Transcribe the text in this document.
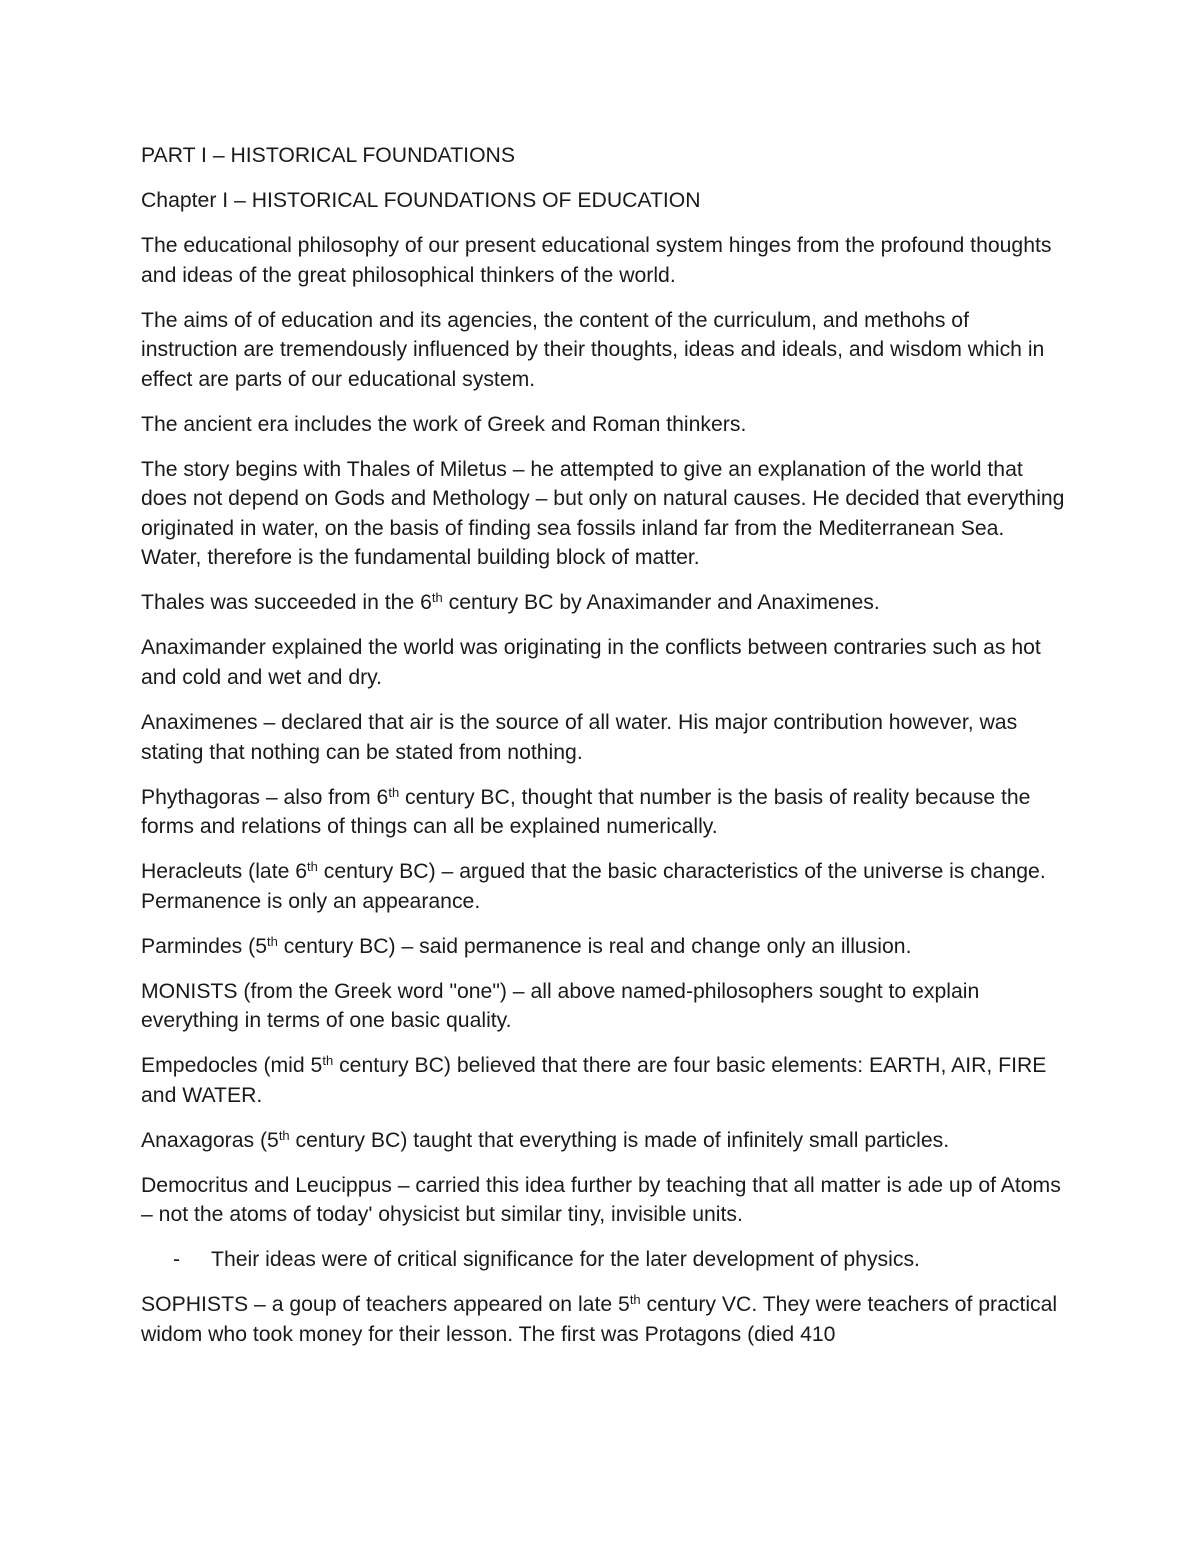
PART I – HISTORICAL FOUNDATIONS

Chapter I – HISTORICAL FOUNDATIONS OF EDUCATION

The educational philosophy of our present educational system hinges from the profound thoughts and ideas of the great philosophical thinkers of the world.

The aims of of education and its agencies, the content of the curriculum, and methohs of instruction are tremendously influenced by their thoughts, ideas and ideals, and wisdom which in effect are parts of our educational system.

The ancient era includes the work of Greek and Roman thinkers.

The story begins with Thales of Miletus – he attempted to give an explanation of the world that does not depend on Gods and Methology – but only on natural causes. He decided that everything originated in water, on the basis of finding sea fossils inland far from the Mediterranean Sea. Water, therefore is the fundamental building block of matter.

Thales was succeeded in the 6th century BC by Anaximander and Anaximenes.

Anaximander explained the world was originating in the conflicts between contraries such as hot and cold and wet and dry.

Anaximenes – declared that air is the source of all water. His major contribution however, was stating that nothing can be stated from nothing.

Phythagoras – also from 6th century BC, thought that number is the basis of reality because the forms and relations of things can all be explained numerically.

Heracleuts (late 6th century BC) – argued that the basic characteristics of the universe is change. Permanence is only an appearance.

Parmindes (5th century BC) – said permanence is real and change only an illusion.

MONISTS (from the Greek word "one") – all above named-philosophers sought to explain everything in terms of one basic quality.

Empedocles (mid 5th century BC) believed that there are four basic elements: EARTH, AIR, FIRE and WATER.

Anaxagoras (5th century BC) taught that everything is made of infinitely small particles.

Democritus and Leucippus – carried this idea further by teaching that all matter is ade up of Atoms – not the atoms of today' ohysicist but similar tiny, invisible units.

-	Their ideas were of critical significance for the later development of physics.

SOPHISTS – a goup of teachers appeared on late 5th century VC. They were teachers of practical widom who took money for their lesson. The first was Protagons (died 410
